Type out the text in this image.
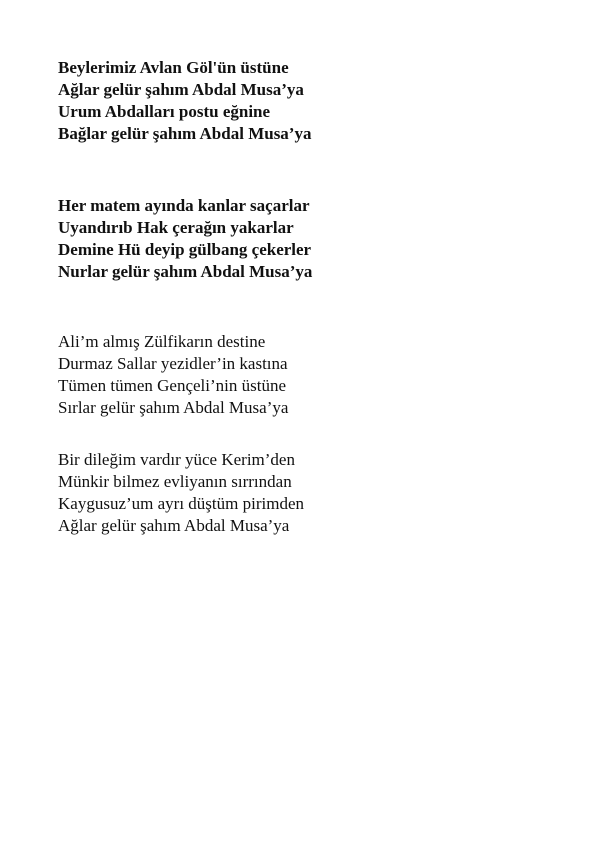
Beylerimiz Avlan Göl'ün üstüne
Ağlar gelür şahım Abdal Musa’ya
Urum Abdalları postu eğnine
Bağlar gelür şahım Abdal Musa’ya
Her matem ayında kanlar saçarlar
Uyandırıb Hak çerağın yakarlar
Demine Hü deyip gülbang çekerler
Nurlar gelür şahım Abdal Musa’ya
Ali’m almış Zülfikarın destine
Durmaz Sallar yezidler’in kastına
Tümen tümen Gençeli’nin üstüne
Sırlar gelür şahım Abdal Musa’ya
Bir dileğim vardır yüce Kerim’den
Münkir bilmez evliyanın sırrından
Kaygusuz’um ayrı düştüm pirimden
Ağlar gelür şahım Abdal Musa’ya
